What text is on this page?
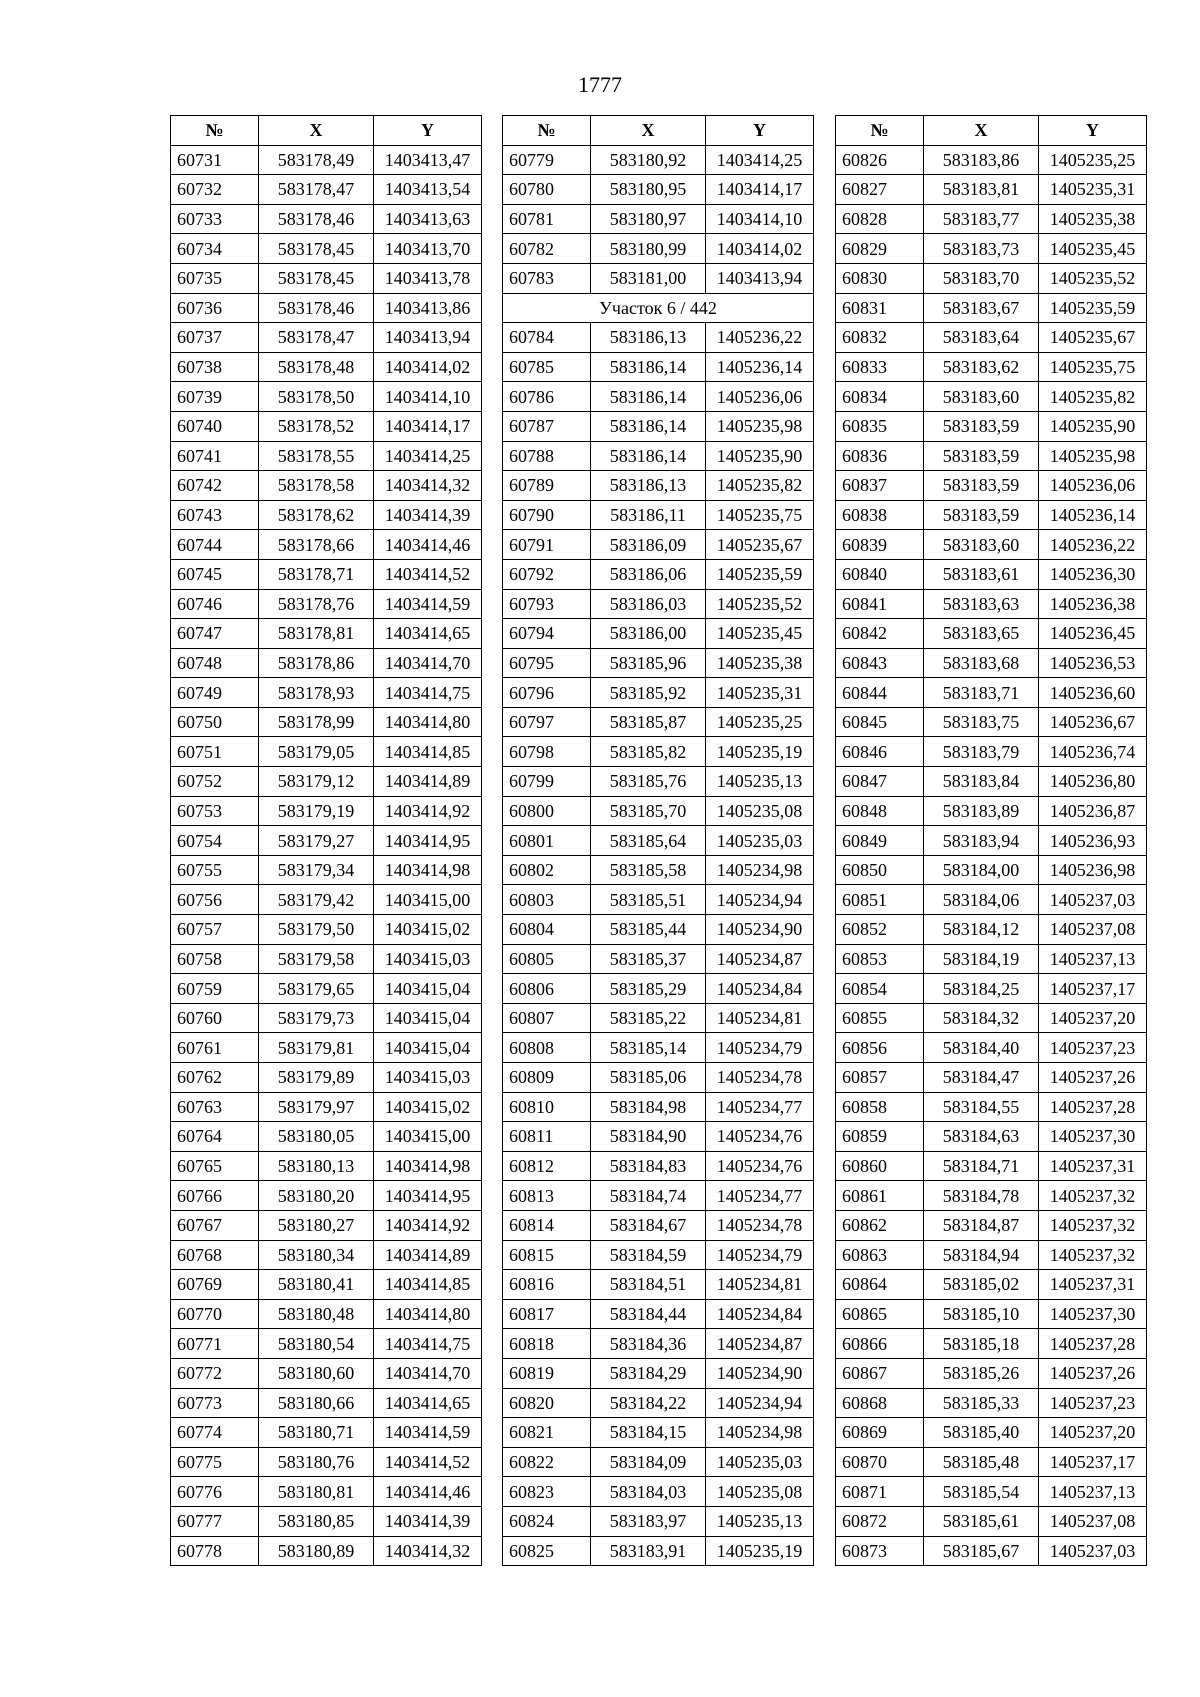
1777
№	X	Y
60731	583178,49	1403413,47
60732	583178,47	1403413,54
60733	583178,46	1403413,63
60734	583178,45	1403413,70
60735	583178,45	1403413,78
60736	583178,46	1403413,86
60737	583178,47	1403413,94
60738	583178,48	1403414,02
60739	583178,50	1403414,10
60740	583178,52	1403414,17
60741	583178,55	1403414,25
60742	583178,58	1403414,32
60743	583178,62	1403414,39
60744	583178,66	1403414,46
60745	583178,71	1403414,52
60746	583178,76	1403414,59
60747	583178,81	1403414,65
60748	583178,86	1403414,70
60749	583178,93	1403414,75
60750	583178,99	1403414,80
60751	583179,05	1403414,85
60752	583179,12	1403414,89
60753	583179,19	1403414,92
60754	583179,27	1403414,95
60755	583179,34	1403414,98
60756	583179,42	1403415,00
60757	583179,50	1403415,02
60758	583179,58	1403415,03
60759	583179,65	1403415,04
60760	583179,73	1403415,04
60761	583179,81	1403415,04
60762	583179,89	1403415,03
60763	583179,97	1403415,02
60764	583180,05	1403415,00
60765	583180,13	1403414,98
60766	583180,20	1403414,95
60767	583180,27	1403414,92
60768	583180,34	1403414,89
60769	583180,41	1403414,85
60770	583180,48	1403414,80
60771	583180,54	1403414,75
60772	583180,60	1403414,70
60773	583180,66	1403414,65
60774	583180,71	1403414,59
60775	583180,76	1403414,52
60776	583180,81	1403414,46
60777	583180,85	1403414,39
60778	583180,89	1403414,32
№	X	Y
60779	583180,92	1403414,25
60780	583180,95	1403414,17
60781	583180,97	1403414,10
60782	583180,99	1403414,02
60783	583181,00	1403413,94
Участок 6 / 442		
60784	583186,13	1405236,22
60785	583186,14	1405236,14
60786	583186,14	1405236,06
60787	583186,14	1405235,98
60788	583186,14	1405235,90
60789	583186,13	1405235,82
60790	583186,11	1405235,75
60791	583186,09	1405235,67
60792	583186,06	1405235,59
60793	583186,03	1405235,52
60794	583186,00	1405235,45
60795	583185,96	1405235,38
60796	583185,92	1405235,31
60797	583185,87	1405235,25
60798	583185,82	1405235,19
60799	583185,76	1405235,13
60800	583185,70	1405235,08
60801	583185,64	1405235,03
60802	583185,58	1405234,98
60803	583185,51	1405234,94
60804	583185,44	1405234,90
60805	583185,37	1405234,87
60806	583185,29	1405234,84
60807	583185,22	1405234,81
60808	583185,14	1405234,79
60809	583185,06	1405234,78
60810	583184,98	1405234,77
60811	583184,90	1405234,76
60812	583184,83	1405234,76
60813	583184,74	1405234,77
60814	583184,67	1405234,78
60815	583184,59	1405234,79
60816	583184,51	1405234,81
60817	583184,44	1405234,84
60818	583184,36	1405234,87
60819	583184,29	1405234,90
60820	583184,22	1405234,94
60821	583184,15	1405234,98
60822	583184,09	1405235,03
60823	583184,03	1405235,08
60824	583183,97	1405235,13
60825	583183,91	1405235,19
№	X	Y
60826	583183,86	1405235,25
60827	583183,81	1405235,31
60828	583183,77	1405235,38
60829	583183,73	1405235,45
60830	583183,70	1405235,52
60831	583183,67	1405235,59
60832	583183,64	1405235,67
60833	583183,62	1405235,75
60834	583183,60	1405235,82
60835	583183,59	1405235,90
60836	583183,59	1405235,98
60837	583183,59	1405236,06
60838	583183,59	1405236,14
60839	583183,60	1405236,22
60840	583183,61	1405236,30
60841	583183,63	1405236,38
60842	583183,65	1405236,45
60843	583183,68	1405236,53
60844	583183,71	1405236,60
60845	583183,75	1405236,67
60846	583183,79	1405236,74
60847	583183,84	1405236,80
60848	583183,89	1405236,87
60849	583183,94	1405236,93
60850	583184,00	1405236,98
60851	583184,06	1405237,03
60852	583184,12	1405237,08
60853	583184,19	1405237,13
60854	583184,25	1405237,17
60855	583184,32	1405237,20
60856	583184,40	1405237,23
60857	583184,47	1405237,26
60858	583184,55	1405237,28
60859	583184,63	1405237,30
60860	583184,71	1405237,31
60861	583184,78	1405237,32
60862	583184,87	1405237,32
60863	583184,94	1405237,32
60864	583185,02	1405237,31
60865	583185,10	1405237,30
60866	583185,18	1405237,28
60867	583185,26	1405237,26
60868	583185,33	1405237,23
60869	583185,40	1405237,20
60870	583185,48	1405237,17
60871	583185,54	1405237,13
60872	583185,61	1405237,08
60873	583185,67	1405237,03
